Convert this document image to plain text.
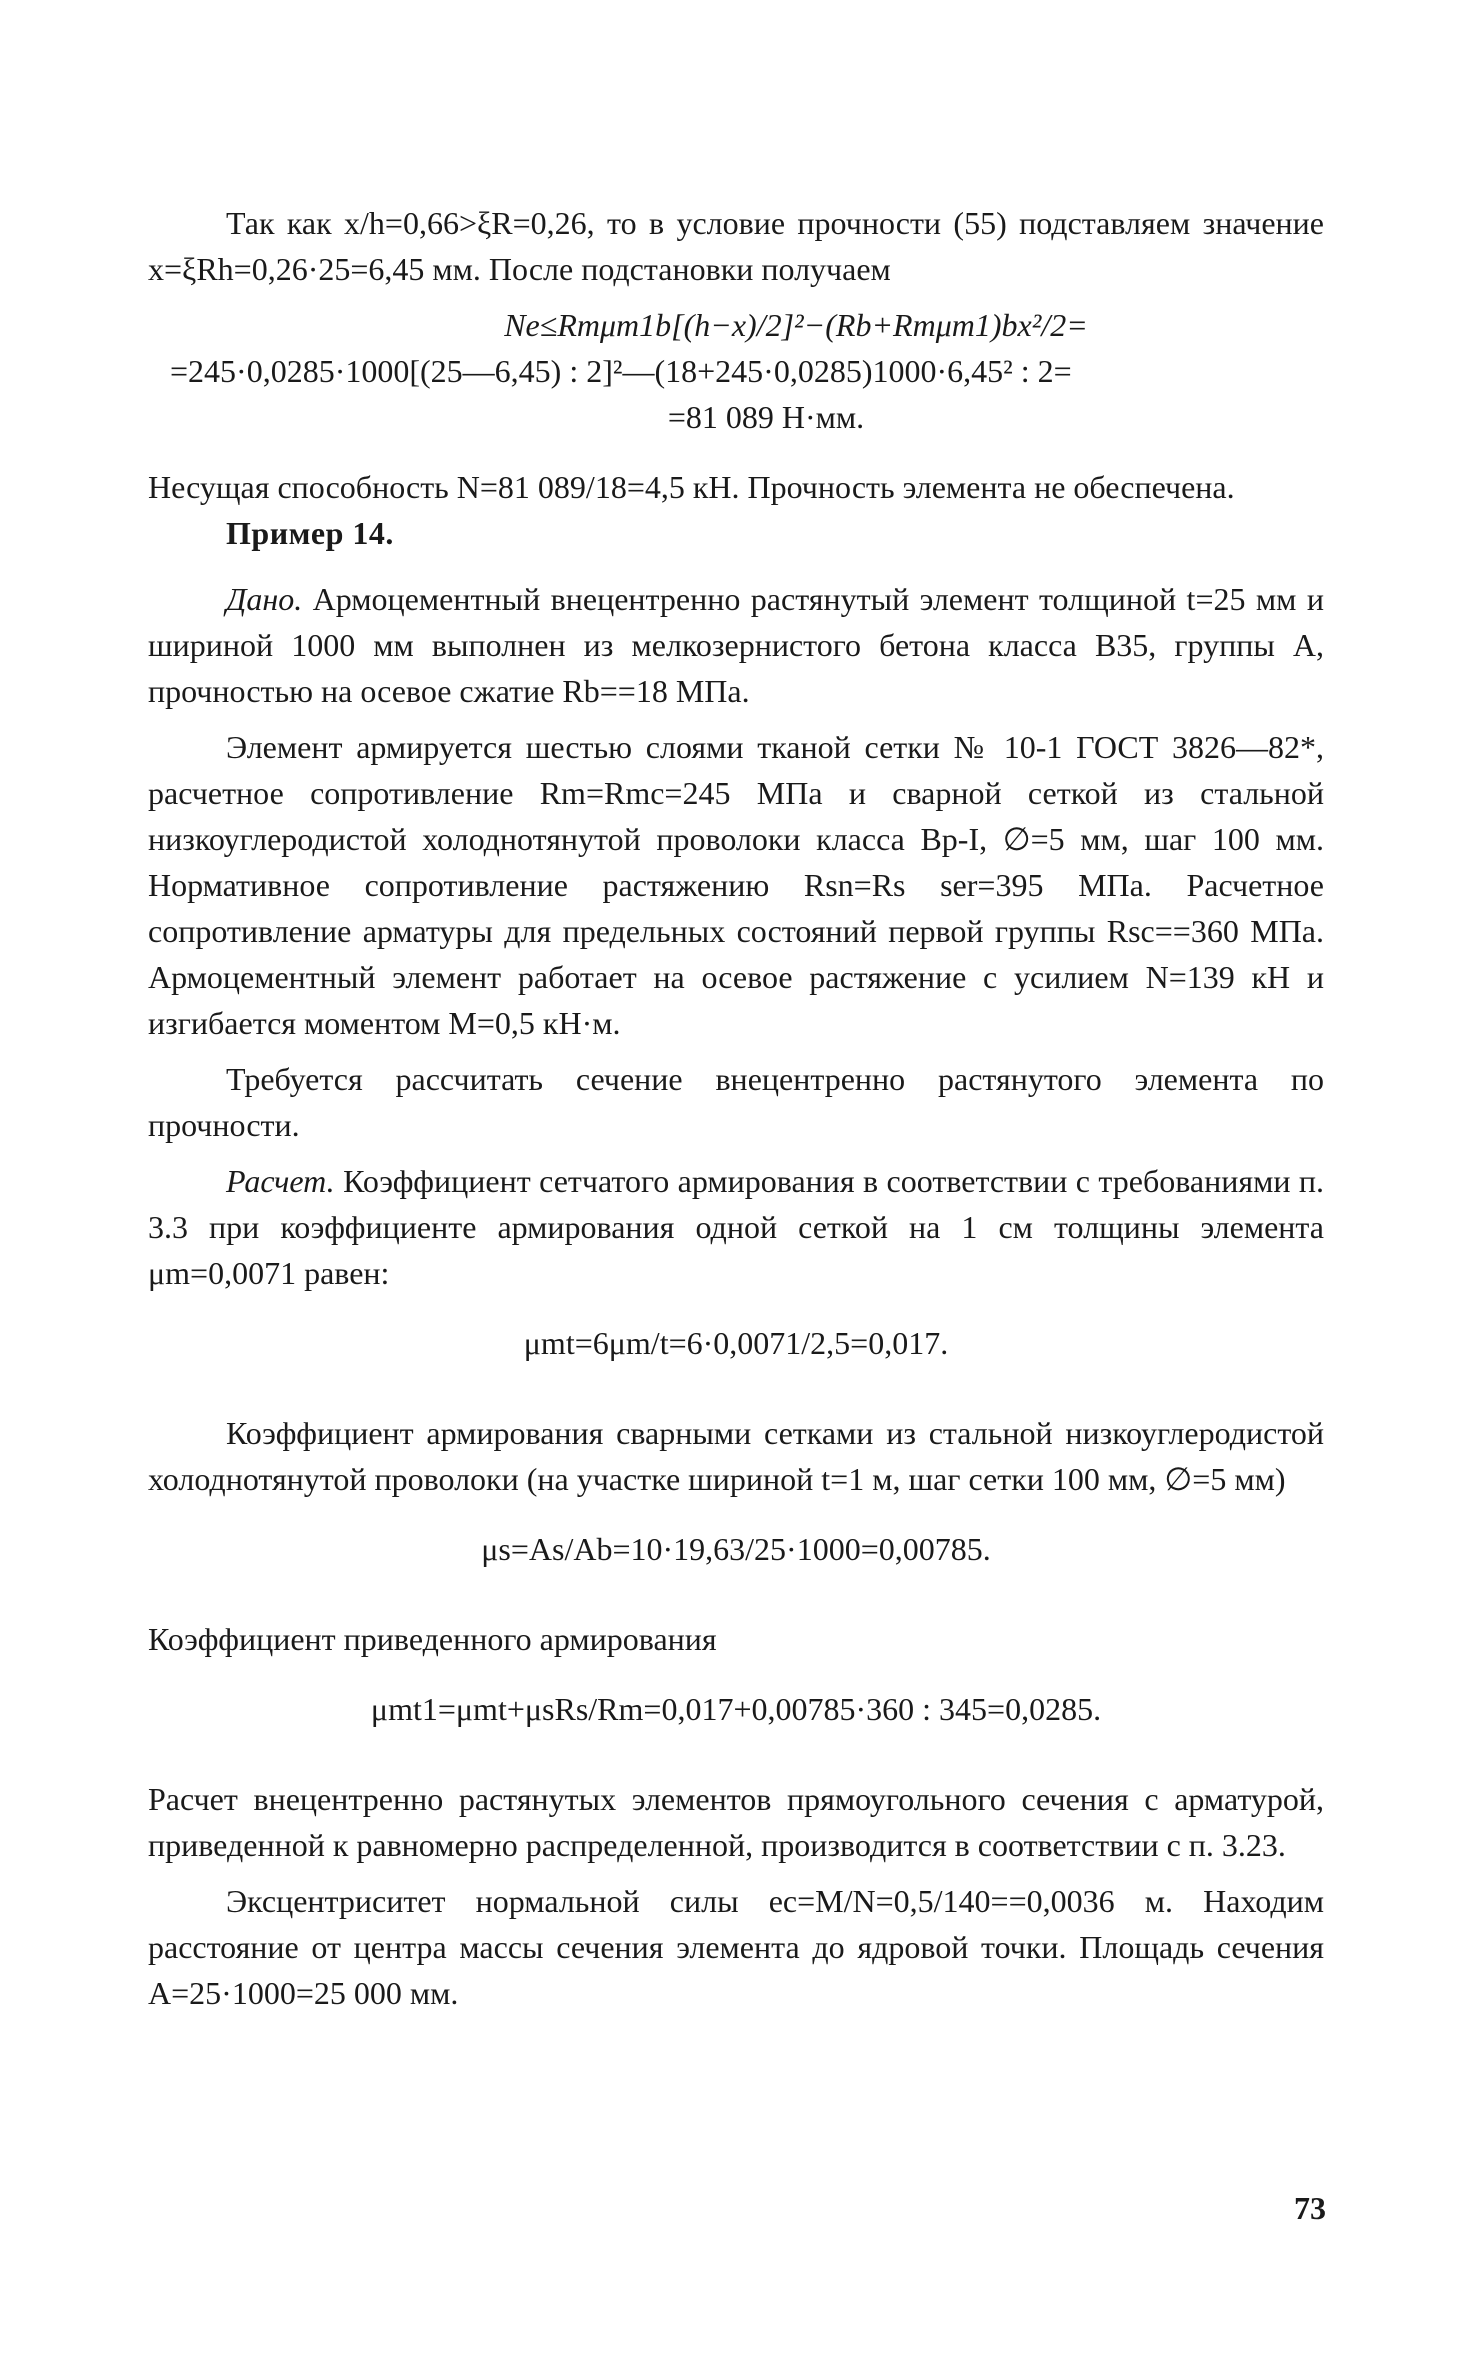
Так как x/h=0,66>ξR=0,26, то в условие прочности (55) подставляем значение x=ξRh=0,26·25=6,45 мм. После подстановки получаем

Ne≤Rmμm1b[(h−x)/2]²−(Rb+Rmμm1)bx²/2=

=245·0,0285·1000[(25—6,45) : 2]²—(18+245·0,0285)1000·6,45² : 2=

=81 089 Н·мм.

Несущая способность N=81 089/18=4,5 кН. Прочность элемента не обеспечена.

Пример 14.

Дано. Армоцементный внецентренно растянутый элемент толщиной t=25 мм и шириной 1000 мм выполнен из мелкозернистого бетона класса В35, группы А, прочностью на осевое сжатие Rb==18 МПа.

Элемент армируется шестью слоями тканой сетки № 10-1 ГОСТ 3826—82*, расчетное сопротивление Rm=Rmc=245 МПа и сварной сеткой из стальной низкоуглеродистой холоднотянутой проволоки класса Вр-I, ∅=5 мм, шаг 100 мм. Нормативное сопротивление растяжению Rsn=Rs ser=395 МПа. Расчетное сопротивление арматуры для предельных состояний первой группы Rsc==360 МПа. Армоцементный элемент работает на осевое растяжение с усилием N=139 кН и изгибается моментом M=0,5 кН·м.

Требуется рассчитать сечение внецентренно растянутого элемента по прочности.

Расчет. Коэффициент сетчатого армирования в соответствии с требованиями п. 3.3 при коэффициенте армирования одной сеткой на 1 см толщины элемента μm=0,0071 равен:

μmt=6μm/t=6·0,0071/2,5=0,017.

Коэффициент армирования сварными сетками из стальной низкоуглеродистой холоднотянутой проволоки (на участке шириной t=1 м, шаг сетки 100 мм, ∅=5 мм)

μs=As/Ab=10·19,63/25·1000=0,00785.

Коэффициент приведенного армирования

μmt1=μmt+μsRs/Rm=0,017+0,00785·360 : 345=0,0285.

Расчет внецентренно растянутых элементов прямоугольного сечения с арматурой, приведенной к равномерно распределенной, производится в соответствии с п. 3.23.

Эксцентриситет нормальной силы ec=M/N=0,5/140==0,0036 м. Находим расстояние от центра массы сечения элемента до ядровой точки. Площадь сечения A=25·1000=25 000 мм.

73
